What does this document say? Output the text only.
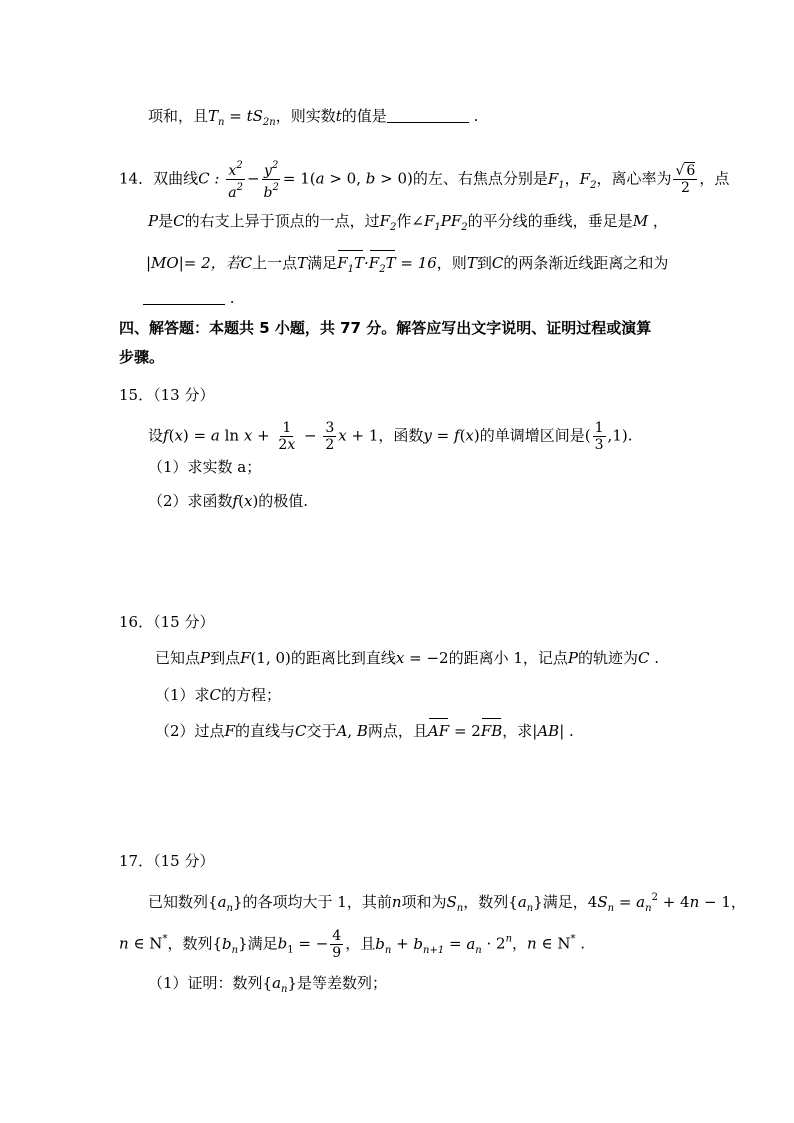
项和，且$T_n = tS_{2n}$，则实数t的值是	.
14．双曲线C : $\frac{x^2}{a^2} - \frac{y^2}{b^2} = 1(a > 0$, b > 0)的左、右焦点分别是$F_1$，$F_2$，离心率为 $\frac{√ 6}{2}$ ，点
P是C的右支上异于顶点的一点，过$F_2$作$\angle F_1PF_2$的平分线的垂线，垂足是M ，
|MO|= 2，若C上一点T满足$F_1T\cdot F_2T = 16$，则T到C的两条渐近线距离之和为
.
四、解答题：本题共 5 小题，共 77 分。解答应写出文字说明、证明过程或演算
步骤。
15．（13 分）
设f(x) = a $\ln x + \frac{1}{2x} - \frac{3}{2}$ x + 1，函数y = f(x)的单调增区间是( $\frac{1}{3} ,1$).
（1）求实数 a；
（2）求函数f(x)的极值.
16．（15 分）
已知点P到点F(1, 0)的距离比到直线x = −2的距离小 1，记点P的轨迹为C .
（1）求C的方程；
（2）过点F的直线与C交于A, B两点，且AF = 2FB，求|AB| .
17．（15 分）
已知数列$\{a_n\}$的各项均大于 1，其前n项和为$S_n$，数列$\{a_n\}$满足，$4S_n = a_n^2 + 4n - 1$，
n ∈ N*，数列$\{b_n\}$满足$b_1$ = − $\frac{4}{9}$ ，且$b_n + b_{n+1} = a_n \cdot 2^n$，n ∈ N* .
（1）证明：数列$\{a_n\}$是等差数列；
